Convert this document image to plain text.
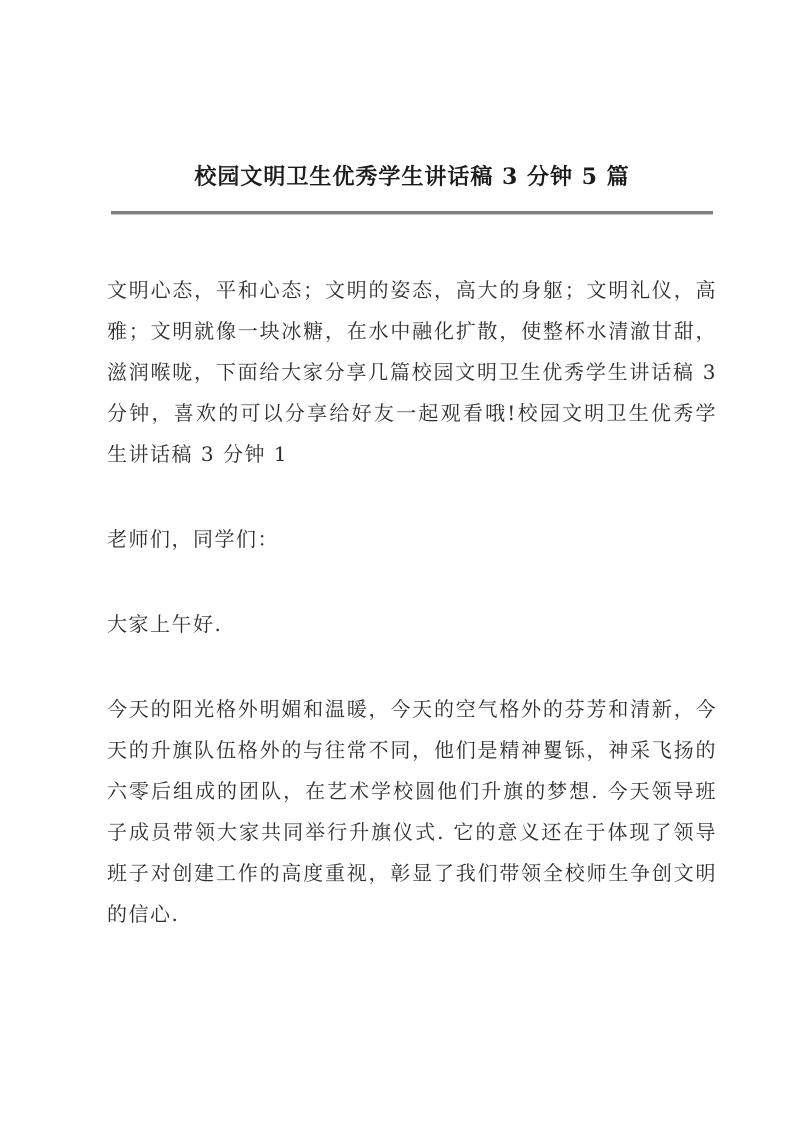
校园文明卫生优秀学生讲话稿 3 分钟 5 篇

文明心态，平和心态；文明的姿态，高大的身躯；文明礼仪，高雅；文明就像一块冰糖，在水中融化扩散，使整杯水清澈甘甜，滋润喉咙，下面给大家分享几篇校园文明卫生优秀学生讲话稿 3 分钟，喜欢的可以分享给好友一起观看哦!校园文明卫生优秀学生讲话稿 3 分钟 1

老师们，同学们：

大家上午好.

今天的阳光格外明媚和温暖，今天的空气格外的芬芳和清新，今天的升旗队伍格外的与往常不同，他们是精神矍铄，神采飞扬的六零后组成的团队，在艺术学校圆他们升旗的梦想. 今天领导班子成员带领大家共同举行升旗仪式. 它的意义还在于体现了领导班子对创建工作的高度重视，彰显了我们带领全校师生争创文明的信心.
